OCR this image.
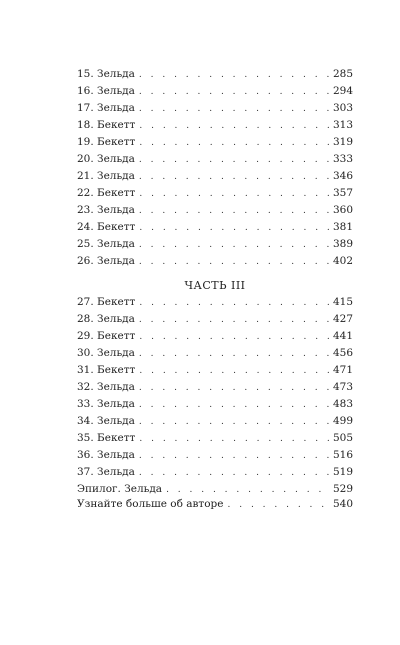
15. Зельда . . .	285
16. Зельда . . .	294
17. Зельда . . .	303
18. Бекетт . . .	313
19. Бекетт . . .	319
20. Зельда . . .	333
21. Зельда . . .	346
22. Бекетт . . .	357
23. Зельда . . .	360
24. Бекетт . . .	381
25. Зельда . . .	389
26. Зельда . . .	402
ЧАСТЬ III
27. Бекетт . . .	415
28. Зельда . . .	427
29. Бекетт . . .	441
30. Зельда . . .	456
31. Бекетт . . .	471
32. Зельда . . .	473
33. Зельда . . .	483
34. Зельда . . .	499
35. Бекетт . . .	505
36. Зельда . . .	516
37. Зельда . . .	519
Эпилог. Зельда . . .	529
Узнайте больше об авторе . . .	540
